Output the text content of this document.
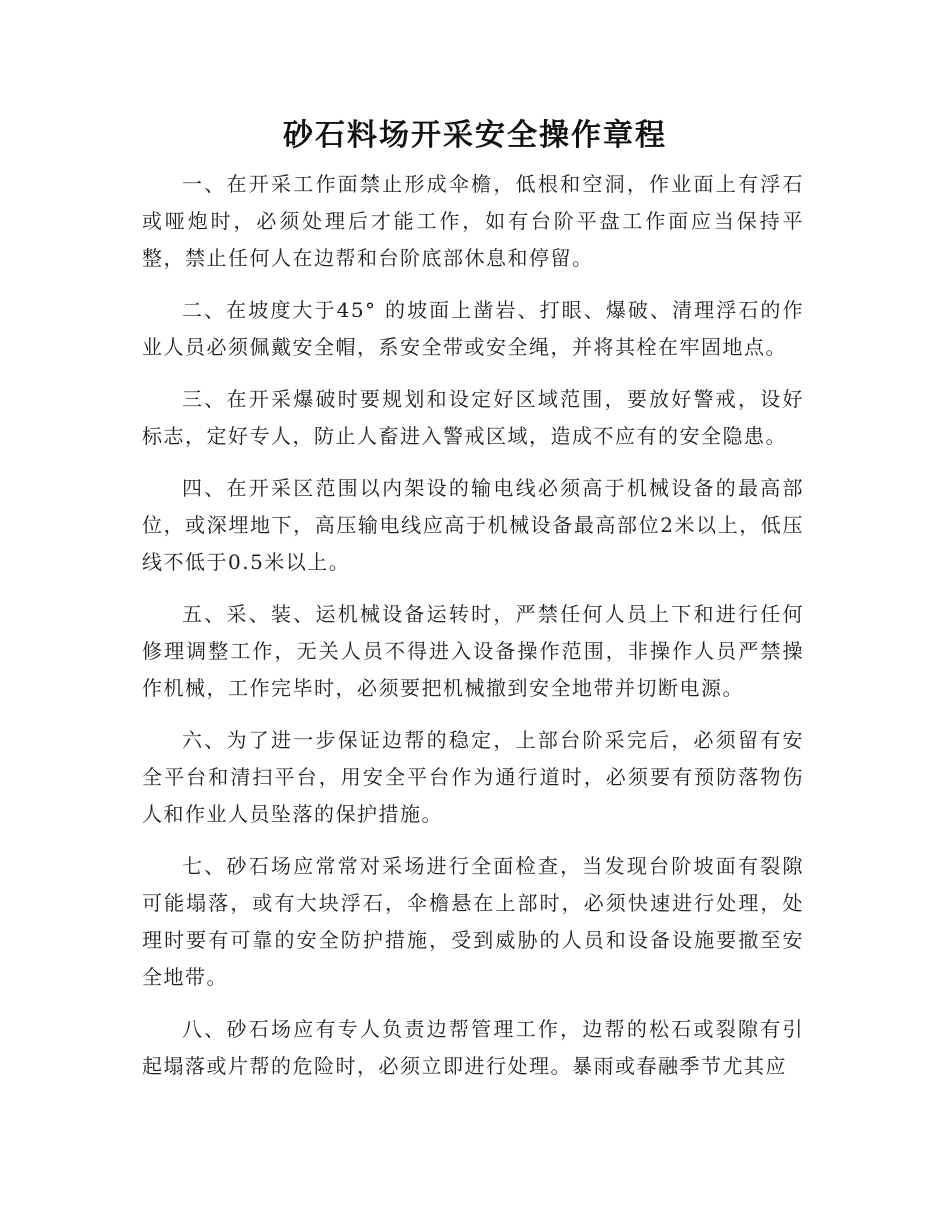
砂石料场开采安全操作章程

一、在开采工作面禁止形成伞檐，低根和空洞，作业面上有浮石或哑炮时，必须处理后才能工作，如有台阶平盘工作面应当保持平整，禁止任何人在边帮和台阶底部休息和停留。

二、在坡度大于45° 的坡面上凿岩、打眼、爆破、清理浮石的作业人员必须佩戴安全帽，系安全带或安全绳，并将其栓在牢固地点。

三、在开采爆破时要规划和设定好区域范围，要放好警戒，设好标志，定好专人，防止人畜进入警戒区域，造成不应有的安全隐患。

四、在开采区范围以内架设的输电线必须高于机械设备的最高部位，或深埋地下，高压输电线应高于机械设备最高部位2米以上，低压线不低于0.5米以上。

五、采、装、运机械设备运转时，严禁任何人员上下和进行任何修理调整工作，无关人员不得进入设备操作范围，非操作人员严禁操作机械，工作完毕时，必须要把机械撤到安全地带并切断电源。

六、为了进一步保证边帮的稳定，上部台阶采完后，必须留有安全平台和清扫平台，用安全平台作为通行道时，必须要有预防落物伤人和作业人员坠落的保护措施。

七、砂石场应常常对采场进行全面检查，当发现台阶坡面有裂隙可能塌落，或有大块浮石，伞檐悬在上部时，必须快速进行处理，处理时要有可靠的安全防护措施，受到威胁的人员和设备设施要撤至安全地带。

八、砂石场应有专人负责边帮管理工作，边帮的松石或裂隙有引起塌落或片帮的危险时，必须立即进行处理。暴雨或春融季节尤其应
